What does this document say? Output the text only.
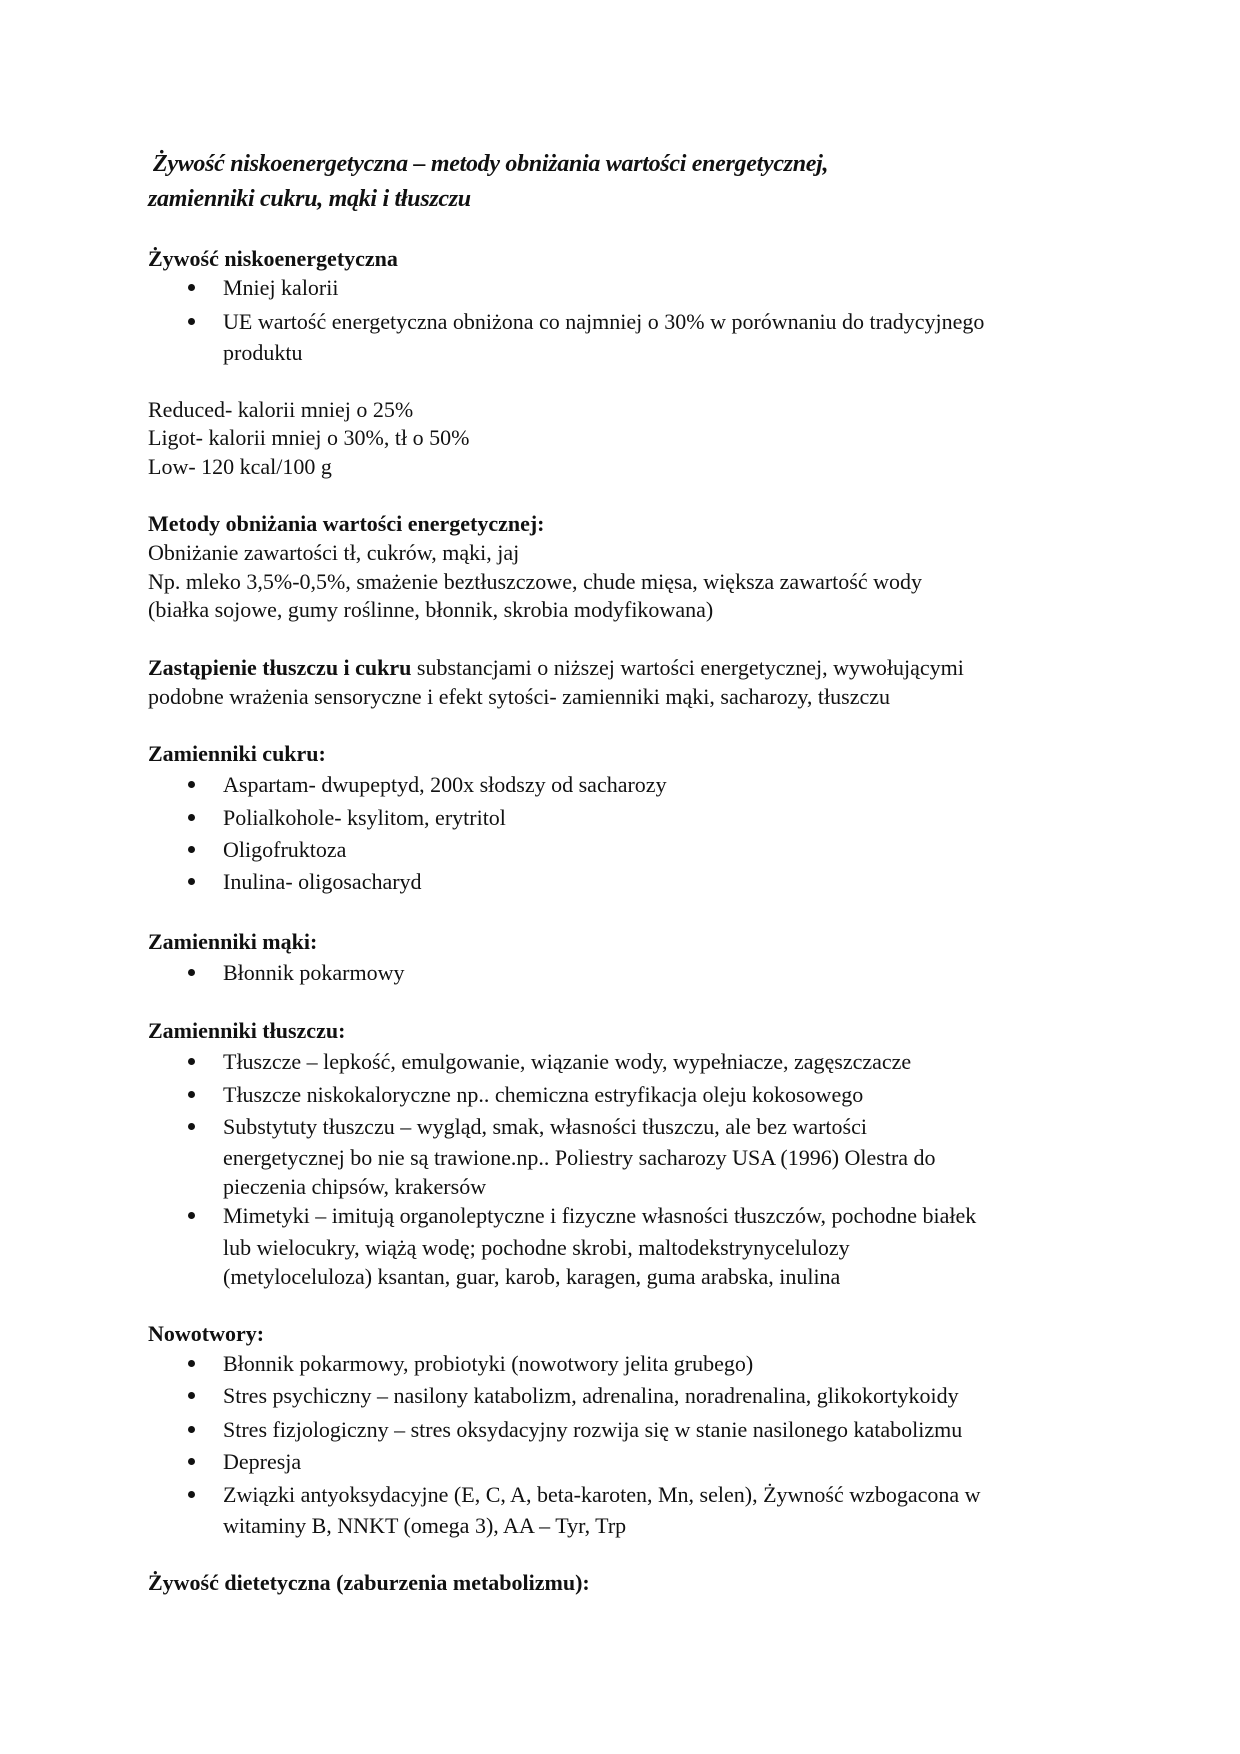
Żywość niskoenergetyczna – metody obniżania wartości energetycznej,
zamienniki cukru, mąki i tłuszczu
Żywość niskoenergetyczna
Mniej kalorii
UE wartość energetyczna obniżona co najmniej o 30% w porównaniu do tradycyjnego
produktu
Reduced- kalorii mniej o 25%
Ligot- kalorii mniej o 30%, tł o 50%
Low- 120 kcal/100 g
Metody obniżania wartości energetycznej:
Obniżanie zawartości tł, cukrów, mąki, jaj
Np. mleko 3,5%-0,5%, smażenie beztłuszczowe, chude mięsa, większa zawartość wody
(białka sojowe, gumy roślinne, błonnik, skrobia modyfikowana)
Zastąpienie tłuszczu i cukru substancjami o niższej wartości energetycznej, wywołującymi
podobne wrażenia sensoryczne i efekt sytości- zamienniki mąki, sacharozy, tłuszczu
Zamienniki cukru:
Aspartam- dwupeptyd, 200x słodszy od sacharozy
Polialkohole- ksylitom, erytritol
Oligofruktoza
Inulina- oligosacharyd
Zamienniki mąki:
Błonnik pokarmowy
Zamienniki tłuszczu:
Tłuszcze – lepkość, emulgowanie, wiązanie wody, wypełniacze, zagęszczacze
Tłuszcze niskokaloryczne np.. chemiczna estryfikacja oleju kokosowego
Substytuty tłuszczu – wygląd, smak, własności tłuszczu, ale bez wartości
energetycznej bo nie są trawione.np.. Poliestry sacharozy USA (1996) Olestra do
pieczenia chipsów, krakersów
Mimetyki – imitują organoleptyczne i fizyczne własności tłuszczów, pochodne białek
lub wielocukry, wiążą wodę; pochodne skrobi, maltodekstrynycelulozy
(metyloceluloza) ksantan, guar, karob, karagen, guma arabska, inulina
Nowotwory:
Błonnik pokarmowy, probiotyki (nowotwory jelita grubego)
Stres psychiczny – nasilony katabolizm, adrenalina, noradrenalina, glikokortykoidy
Stres fizjologiczny – stres oksydacyjny rozwija się w stanie nasilonego katabolizmu
Depresja
Związki antyoksydacyjne (E, C, A, beta-karoten, Mn, selen), Żywność wzbogacona w
witaminy B, NNKT (omega 3), AA – Tyr, Trp
Żywość dietetyczna (zaburzenia metabolizmu):
